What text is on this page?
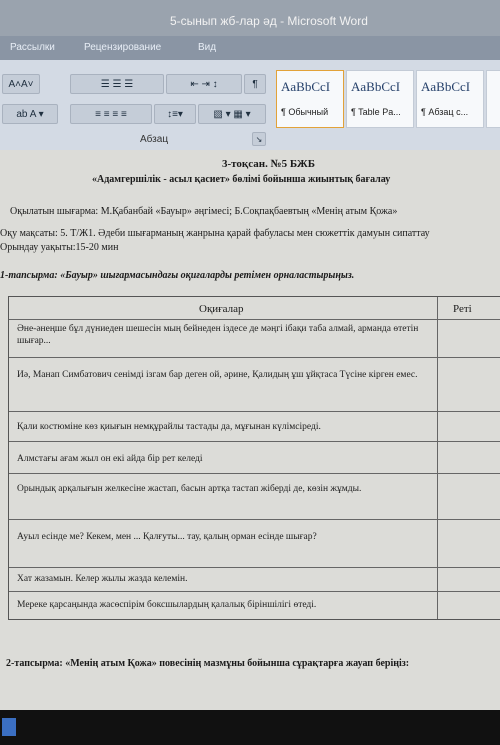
5-сынып жб-лар əд - Microsoft Word
Рассылки	Рецензирование	Вид
A˄A˅
ab A ▾
☰ ☰ ☰	⇤ ⇥ ↕	¶
≡ ≡ ≡ ≡	↕≡▾	▧ ▾ ▦ ▾
Абзац	↘
AaBbCcI
¶ Обычный
AaBbCcI
¶ Table Pa...
AaBbCcI
¶ Абзац с...
3-тоқсан. №5 БЖБ
«Адамгершілік - асыл қасиет» бөлімі бойынша жиынтық бағалау
Оқылатын шығарма: М.Қабанбай «Бауыр» әңгімесі; Б.Соқпақбаевтың «Менің атым Қожа»
Оқу мақсаты: 5. Т/Ж1. Әдеби шығарманың жанрына қарай фабуласы мен сюжеттік дамуын сипаттау
Орындау уақыты:15-20 мин
1-тапсырма: «Бауыр» шығармасындағы оқиғаларды ретімен орналастырыңыз.
Оқиғалар	Реті
Әне-әнеңше бұл дүниеден шешесін мың бейнеден іздесе де мәңгі ібақи таба алмай, арманда өтетін шығар...
Иә, Манап Симбатович сенімді ізгам бар деген ой, әрине, Қалидың ұш ұйқтаса Түсіне кірген емес.
Қали костюміне көз қиығын немқұрайлы тастады да, мұғынан күлімсіреді.
Алмстағы ағам жыл он екі айда бір рет келеді
Орындық арқалығын желкесіне жастап, басын артқа тастап жіберді де, көзін жұмды.
Ауыл есінде ме? Кекем, мен ... Қалғуты... тау, қалың орман есінде шығар?
Хат жазамын. Келер жылы жазда келемін.
Мереке қарсаңында жасөспірім боксшылардың қалалық біріншілігі өтеді.
2-тапсырма: «Менің атым Қожа» повесінің мазмұны бойынша сұрақтарға жауап беріңіз:
